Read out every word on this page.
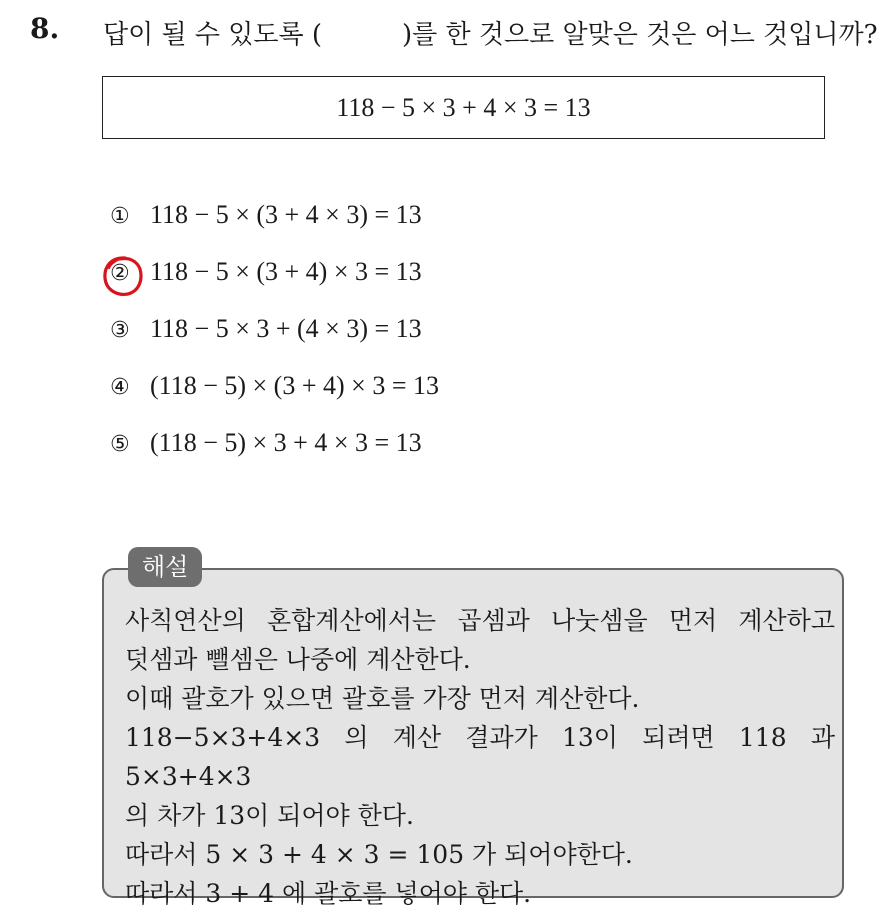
8. 답이 될 수 있도록 (	)를 한 것으로 알맞은 것은 어느 것입니까?
118 − 5 × 3 + 4 × 3 = 13
① 118 − 5 × (3 + 4 × 3) = 13
② 118 − 5 × (3 + 4) × 3 = 13
③ 118 − 5 × 3 + (4 × 3) = 13
④ (118 − 5) × (3 + 4) × 3 = 13
⑤ (118 − 5) × 3 + 4 × 3 = 13
해설
사칙연산의 혼합계산에서는 곱셈과 나눗셈을 먼저 계산하고
덧셈과 뺄셈은 나중에 계산한다.
이때 괄호가 있으면 괄호를 가장 먼저 계산한다.
118−5×3+4×3 의 계산 결과가 13이 되려면 118 과 5×3+4×3
의 차가 13이 되어야 한다.
따라서 5 × 3 + 4 × 3 = 105 가 되어야한다.
따라서 3 + 4 에 괄호를 넣어야 한다.
